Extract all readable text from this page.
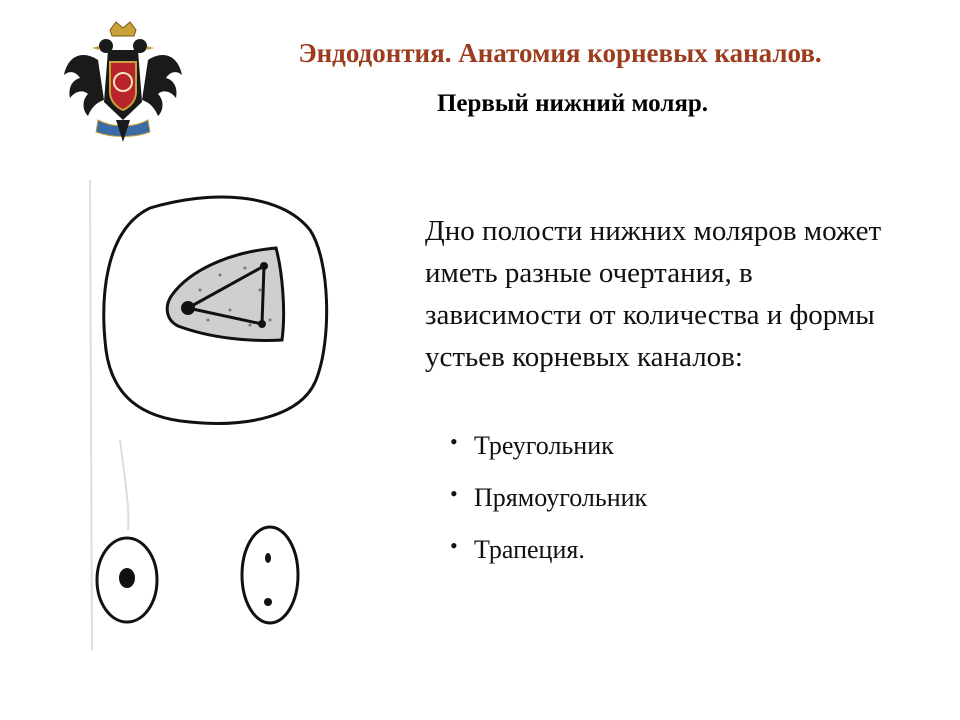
Эндодонтия. Анатомия корневых каналов.
Первый нижний моляр.

Дно полости нижних моляров может иметь разные очертания, в зависимости от количества и формы устьев корневых каналов:

• Треугольник
• Прямоугольник
• Трапеция.
